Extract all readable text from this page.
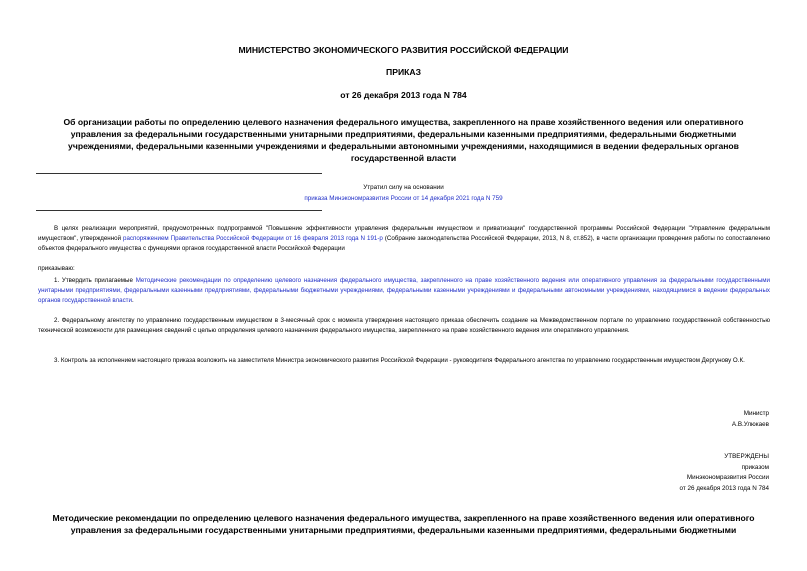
МИНИСТЕРСТВО ЭКОНОМИЧЕСКОГО РАЗВИТИЯ РОССИЙСКОЙ ФЕДЕРАЦИИ
ПРИКАЗ
от 26 декабря 2013 года N 784
Об организации работы по определению целевого назначения федерального имущества, закрепленного на праве хозяйственного ведения или оперативного управления за федеральными государственными унитарными предприятиями, федеральными казенными предприятиями, федеральными бюджетными учреждениями, федеральными казенными учреждениями и федеральными автономными учреждениями, находящимися в ведении федеральных органов государственной власти
Утратил силу на основании
приказа Минэкономразвития России от 14 декабря 2021 года N 759
В целях реализации мероприятий, предусмотренных подпрограммой "Повышение эффективности управления федеральным имуществом и приватизации" государственной программы Российской Федерации "Управление федеральным имуществом", утвержденной распоряжением Правительства Российской Федерации от 16 февраля 2013 года N 191-р (Собрание законодательства Российской Федерации, 2013, N 8, ст.852), в части организации проведения работы по сопоставлению объектов федерального имущества с функциями органов государственной власти Российской Федерации
приказываю:
1. Утвердить прилагаемые Методические рекомендации по определению целевого назначения федерального имущества, закрепленного на праве хозяйственного ведения или оперативного управления за федеральными государственными унитарными предприятиями, федеральными казенными предприятиями, федеральными бюджетными учреждениями, федеральными казенными учреждениями и федеральными автономными учреждениями, находящимися в ведении федеральных органов государственной власти.
2. Федеральному агентству по управлению государственным имуществом в 3-месячный срок с момента утверждения настоящего приказа обеспечить создание на Межведомственном портале по управлению государственной собственностью технической возможности для размещения сведений с целью определения целевого назначения федерального имущества, закрепленного на праве хозяйственного ведения или оперативного управления.
3. Контроль за исполнением настоящего приказа возложить на заместителя Министра экономического развития Российской Федерации - руководителя Федерального агентства по управлению государственным имуществом Дергунову О.К.
Министр
А.В.Улюкаев
УТВЕРЖДЕНЫ
приказом
Минэкономразвития России
от 26 декабря 2013 года N 784
Методические рекомендации по определению целевого назначения федерального имущества, закрепленного на праве хозяйственного ведения или оперативного управления за федеральными государственными унитарными предприятиями, федеральными казенными предприятиями, федеральными бюджетными
